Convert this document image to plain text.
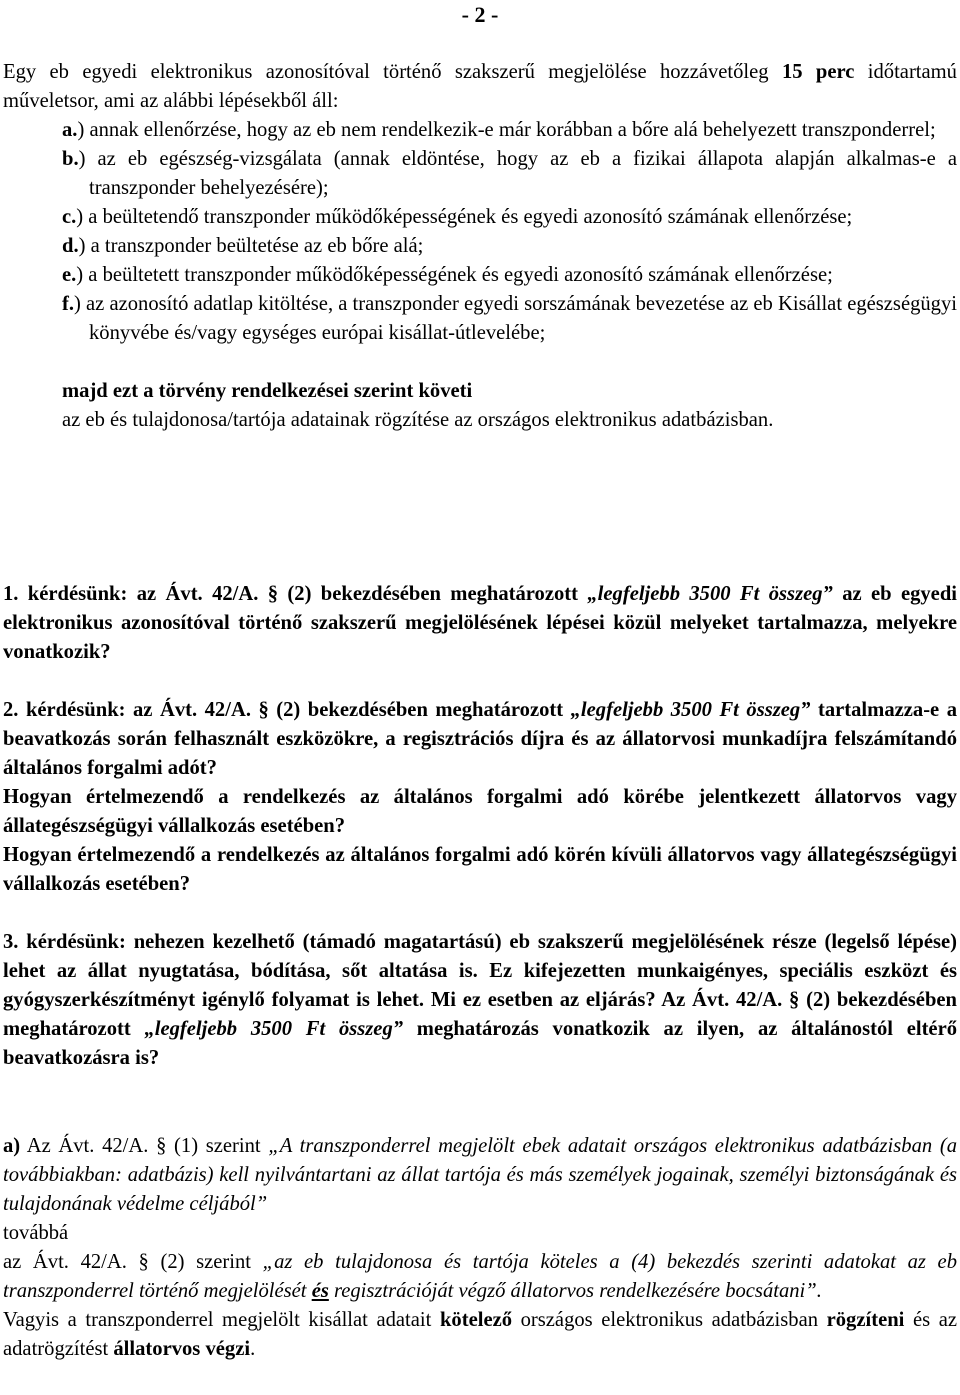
- 2 -

Egy eb egyedi elektronikus azonosítóval történő szakszerű megjelölése hozzávetőleg 15 perc időtartamú műveletsor, ami az alábbi lépésekből áll:

a.) annak ellenőrzése, hogy az eb nem rendelkezik-e már korábban a bőre alá behelyezett transzponderrel;

b.) az eb egészség-vizsgálata (annak eldöntése, hogy az eb a fizikai állapota alapján alkalmas-e a transzponder behelyezésére);

c.) a beültetendő transzponder működőképességének és egyedi azonosító számának ellenőrzése;

d.) a transzponder beültetése az eb bőre alá;

e.) a beültetett transzponder működőképességének és egyedi azonosító számának ellenőrzése;

f.) az azonosító adatlap kitöltése, a transzponder egyedi sorszámának bevezetése az eb Kisállat egészségügyi könyvébe és/vagy egységes európai kisállat-útlevelébe;

majd ezt a törvény rendelkezései szerint követi

az eb és tulajdonosa/tartója adatainak rögzítése az országos elektronikus adatbázisban.

1. kérdésünk: az Ávt. 42/A. § (2) bekezdésében meghatározott „legfeljebb 3500 Ft összeg” az eb egyedi elektronikus azonosítóval történő szakszerű megjelölésének lépései közül melyeket tartalmazza, melyekre vonatkozik?

2. kérdésünk: az Ávt. 42/A. § (2) bekezdésében meghatározott „legfeljebb 3500 Ft összeg” tartalmazza-e a beavatkozás során felhasznált eszközökre, a regisztrációs díjra és az állatorvosi munkadíjra felszámítandó általános forgalmi adót?

Hogyan értelmezendő a rendelkezés az általános forgalmi adó körébe jelentkezett állatorvos vagy állategészségügyi vállalkozás esetében?

Hogyan értelmezendő a rendelkezés az általános forgalmi adó körén kívüli állatorvos vagy állategészségügyi vállalkozás esetében?

3. kérdésünk: nehezen kezelhető (támadó magatartású) eb szakszerű megjelölésének része (legelső lépése) lehet az állat nyugtatása, bódítása, sőt altatása is. Ez kifejezetten munkaigényes, speciális eszközt és gyógyszerkészítményt igénylő folyamat is lehet. Mi ez esetben az eljárás? Az Ávt. 42/A. § (2) bekezdésében meghatározott „legfeljebb 3500 Ft összeg” meghatározás vonatkozik az ilyen, az általánostól eltérő beavatkozásra is?

a) Az Ávt. 42/A. § (1) szerint „A transzponderrel megjelölt ebek adatait országos elektronikus adatbázisban (a továbbiakban: adatbázis) kell nyilvántartani az állat tartója és más személyek jogainak, személyi biztonságának és tulajdonának védelme céljából”

továbbá

az Ávt. 42/A. § (2) szerint „az eb tulajdonosa és tartója köteles a (4) bekezdés szerinti adatokat az eb transzponderrel történő megjelölését és regisztrációját végző állatorvos rendelkezésére bocsátani”.

Vagyis a transzponderrel megjelölt kisállat adatait kötelező országos elektronikus adatbázisban rögzíteni és az adatrögzítést állatorvos végzi.
